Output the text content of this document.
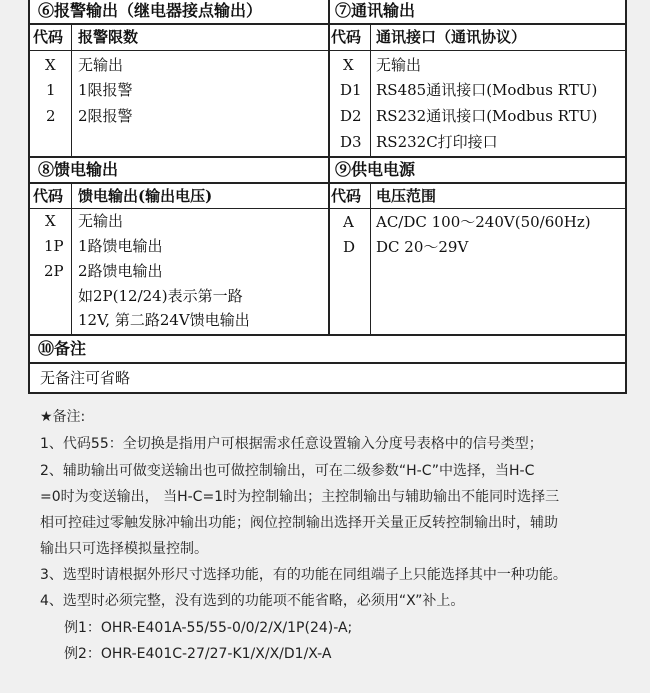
⑥报警输出（继电器接点输出）
代码 报警限数
X 无输出
1 1限报警
2 2限报警
⑦通讯输出
代码 通讯接口（通讯协议）
X 无输出
D1 RS485通讯接口(Modbus RTU)
D2 RS232通讯接口(Modbus RTU)
D3 RS232C打印接口
⑧馈电输出
代码 馈电输出(输出电压)
X 无输出
1P 1路馈电输出
2P 2路馈电输出
如2P(12/24)表示第一路
12V, 第二路24V馈电输出
⑨供电电源
代码 电压范围
A AC/DC 100～240V(50/60Hz)
D DC 20～29V
⑩备注
无备注可省略
★备注:
1、代码55：全切换是指用户可根据需求任意设置输入分度号表格中的信号类型；
2、辅助输出可做变送输出也可做控制输出，可在二级参数“H-C”中选择，当H-C
=0时为变送输出， 当H-C=1时为控制输出；主控制输出与辅助输出不能同时选择三
相可控硅过零触发脉冲输出功能；阀位控制输出选择开关量正反转控制输出时，辅助
输出只可选择模拟量控制。
3、选型时请根据外形尺寸选择功能，有的功能在同组端子上只能选择其中一种功能。
4、选型时必须完整，没有选到的功能项不能省略，必须用“X”补上。
例1：OHR-E401A-55/55-0/0/2/X/1P(24)-A;
例2：OHR-E401C-27/27-K1/X/X/D1/X-A
